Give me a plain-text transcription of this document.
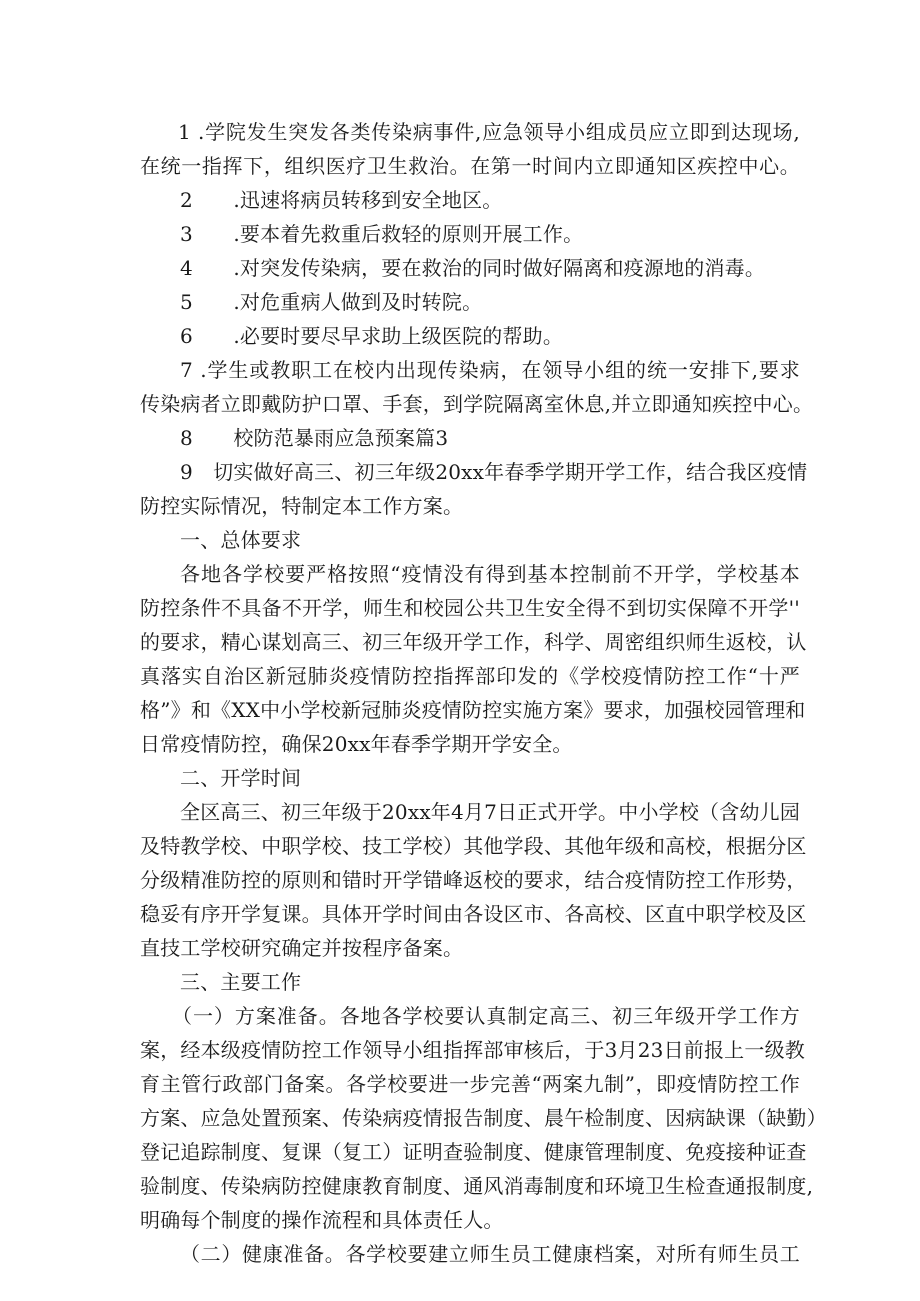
1 .学院发生突发各类传染病事件,应急领导小组成员应立即到达现场,
在统一指挥下，组织医疗卫生救治。在第一时间内立即通知区疾控中心。
2　　.迅速将病员转移到安全地区。
3　　.要本着先救重后救轻的原则开展工作。
4　　.对突发传染病，要在救治的同时做好隔离和疫源地的消毒。
5　　.对危重病人做到及时转院。
6　　.必要时要尽早求助上级医院的帮助。
7 .学生或教职工在校内出现传染病，在领导小组的统一安排下,要求
传染病者立即戴防护口罩、手套，到学院隔离室休息,并立即通知疾控中心。
8　　校防范暴雨应急预案篇3
9　切实做好高三、初三年级20xx年春季学期开学工作，结合我区疫情
防控实际情况，特制定本工作方案。
一、总体要求
各地各学校要严格按照“疫情没有得到基本控制前不开学，学校基本
防控条件不具备不开学，师生和校园公共卫生安全得不到切实保障不开学''
的要求，精心谋划高三、初三年级开学工作，科学、周密组织师生返校，认
真落实自治区新冠肺炎疫情防控指挥部印发的《学校疫情防控工作“十严
格”》和《XX中小学校新冠肺炎疫情防控实施方案》要求，加强校园管理和
日常疫情防控，确保20xx年春季学期开学安全。
二、开学时间
全区高三、初三年级于20xx年4月7日正式开学。中小学校（含幼儿园
及特教学校、中职学校、技工学校）其他学段、其他年级和高校，根据分区
分级精准防控的原则和错时开学错峰返校的要求，结合疫情防控工作形势，
稳妥有序开学复课。具体开学时间由各设区市、各高校、区直中职学校及区
直技工学校研究确定并按程序备案。
三、主要工作
（一）方案准备。各地各学校要认真制定高三、初三年级开学工作方
案，经本级疫情防控工作领导小组指挥部审核后，于3月23日前报上一级教
育主管行政部门备案。各学校要进一步完善“两案九制”，即疫情防控工作
方案、应急处置预案、传染病疫情报告制度、晨午检制度、因病缺课（缺勤）
登记追踪制度、复课（复工）证明查验制度、健康管理制度、免疫接种证查
验制度、传染病防控健康教育制度、通风消毒制度和环境卫生检查通报制度,
明确每个制度的操作流程和具体责任人。
（二）健康准备。各学校要建立师生员工健康档案，对所有师生员工
